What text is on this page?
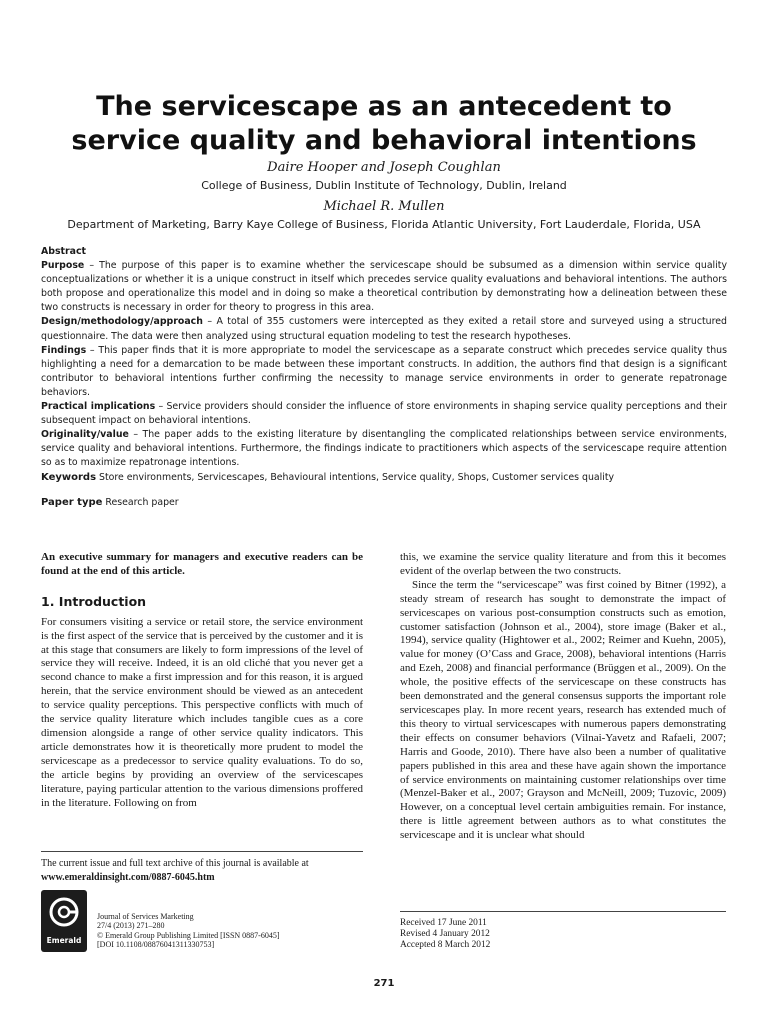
The servicescape as an antecedent to service quality and behavioral intentions

Daire Hooper and Joseph Coughlan

College of Business, Dublin Institute of Technology, Dublin, Ireland

Michael R. Mullen

Department of Marketing, Barry Kaye College of Business, Florida Atlantic University, Fort Lauderdale, Florida, USA

Abstract

Purpose – The purpose of this paper is to examine whether the servicescape should be subsumed as a dimension within service quality conceptualizations or whether it is a unique construct in itself which precedes service quality evaluations and behavioral intentions. The authors both propose and operationalize this model and in doing so make a theoretical contribution by demonstrating how a delineation between these two constructs is necessary in order for theory to progress in this area.

Design/methodology/approach – A total of 355 customers were intercepted as they exited a retail store and surveyed using a structured questionnaire. The data were then analyzed using structural equation modeling to test the research hypotheses.

Findings – This paper finds that it is more appropriate to model the servicescape as a separate construct which precedes service quality thus highlighting a need for a demarcation to be made between these important constructs. In addition, the authors find that design is a significant contributor to behavioral intentions further confirming the necessity to manage service environments in order to generate repatronage behaviors.

Practical implications – Service providers should consider the influence of store environments in shaping service quality perceptions and their subsequent impact on behavioral intentions.

Originality/value – The paper adds to the existing literature by disentangling the complicated relationships between service environments, service quality and behavioral intentions. Furthermore, the findings indicate to practitioners which aspects of the servicescape require attention so as to maximize repatronage intentions.

Keywords Store environments, Servicescapes, Behavioural intentions, Service quality, Shops, Customer services quality
Paper type Research paper

An executive summary for managers and executive readers can be found at the end of this article.

1. Introduction

For consumers visiting a service or retail store, the service environment is the first aspect of the service that is perceived by the customer and it is at this stage that consumers are likely to form impressions of the level of service they will receive. Indeed, it is an old cliché that you never get a second chance to make a first impression and for this reason, it is argued herein, that the service environment should be viewed as an antecedent to service quality perceptions. This perspective conflicts with much of the service quality literature which includes tangible cues as a core dimension alongside a range of other service quality indicators. This article demonstrates how it is theoretically more prudent to model the servicescape as a predecessor to service quality evaluations. To do so, the article begins by providing an overview of the servicescapes literature, paying particular attention to the various dimensions proffered in the literature. Following on from

this, we examine the service quality literature and from this it becomes evident of the overlap between the two constructs.

Since the term the “servicescape” was first coined by Bitner (1992), a steady stream of research has sought to demonstrate the impact of servicescapes on various post-consumption constructs such as emotion, customer satisfaction (Johnson et al., 2004), store image (Baker et al., 1994), service quality (Hightower et al., 2002; Reimer and Kuehn, 2005), value for money (O’Cass and Grace, 2008), behavioral intentions (Harris and Ezeh, 2008) and financial performance (Brüggen et al., 2009). On the whole, the positive effects of the servicescape on these constructs has been demonstrated and the general consensus supports the important role servicescapes play. In more recent years, research has extended much of this theory to virtual servicescapes with numerous papers demonstrating their effects on consumer behaviors (Vilnai-Yavetz and Rafaeli, 2007; Harris and Goode, 2010). There have also been a number of qualitative papers published in this area and these have again shown the importance of service environments on maintaining customer relationships over time (Menzel-Baker et al., 2007; Grayson and McNeill, 2009; Tuzovic, 2009) However, on a conceptual level certain ambiguities remain. For instance, there is little agreement between authors as to what constitutes the servicescape and it is unclear what should

The current issue and full text archive of this journal is available at
www.emeraldinsight.com/0887-6045.htm
Emerald
Journal of Services Marketing
27/4 (2013) 271–280
© Emerald Group Publishing Limited [ISSN 0887-6045]
[DOI 10.1108/08876041311330753]
Received 17 June 2011
Revised 4 January 2012
Accepted 8 March 2012
271
